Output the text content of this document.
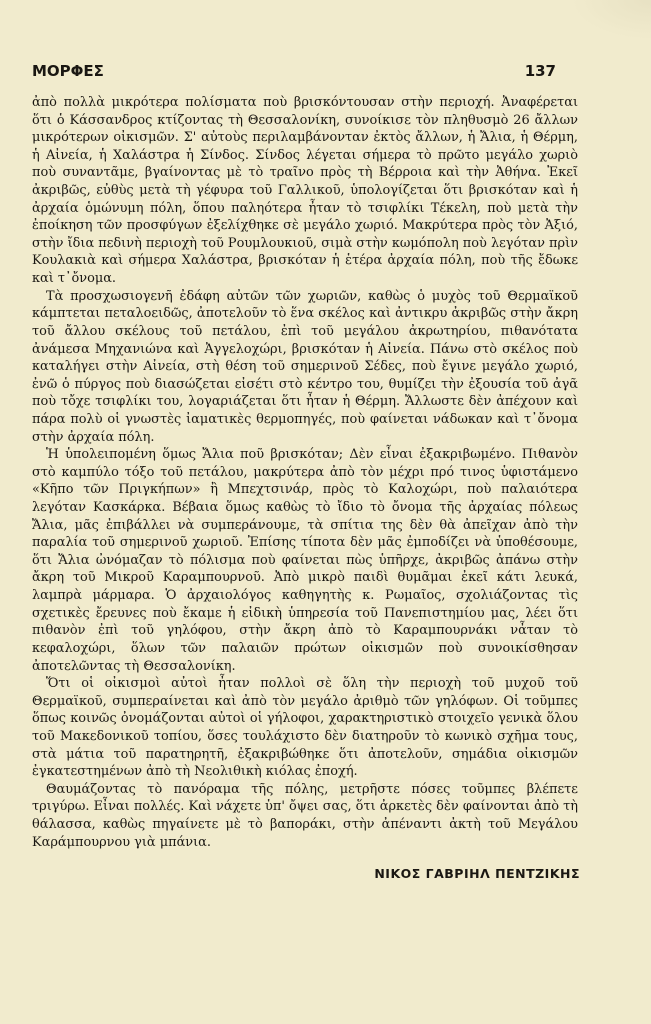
ΜΟΡΦΕΣ	137

ἀπὸ πολλὰ μικρότερα πολίσματα ποὺ βρισκόντουσαν στὴν περιοχή. Ἀναφέρεται ὅτι ὁ Κάσσανδρος κτίζοντας τὴ Θεσσαλονίκη, συνοίκισε τὸν πληθυσμὸ 26 ἄλλων μικρότερων οἰκισμῶν. Σ' αὐτοὺς περιλαμβάνονταν ἐκτὸς ἄλλων, ἡ Ἄλια, ἡ Θέρμη, ἡ Αἰνεία, ἡ Χαλάστρα ἡ Σίνδος. Σίνδος λέγεται σήμερα τὸ πρῶτο μεγάλο χωριὸ ποὺ συναντᾶμε, βγαίνοντας μὲ τὸ τραῖνο πρὸς τὴ Βέρροια καὶ τὴν Ἀθήνα. Ἐκεῖ ἀκριβῶς, εὐθὺς μετὰ τὴ γέφυρα τοῦ Γαλλικοῦ, ὑπολογίζεται ὅτι βρισκόταν καὶ ἡ ἀρχαία ὁμώνυμη πόλη, ὅπου παληότερα ἦταν τὸ τσιφλίκι Τέκελη, ποὺ μετὰ τὴν ἐποίκηση τῶν προσφύγων ἐξελίχθηκε σὲ μεγάλο χωριό. Μακρύτερα πρὸς τὸν Ἀξιό, στὴν ἴδια πεδινὴ περιοχὴ τοῦ Ρουμλουκιοῦ, σιμὰ στὴν κωμόπολη ποὺ λεγόταν πρὶν Κουλακιὰ καὶ σήμερα Χαλάστρα, βρισκόταν ἡ ἑτέρα ἀρχαία πόλη, ποὺ τῆς ἔδωκε καὶ τ᾽ὄνομα.

Τὰ προσχωσιογενῆ ἐδάφη αὐτῶν τῶν χωριῶν, καθὼς ὁ μυχὸς τοῦ Θερμαϊκοῦ κάμπτεται πεταλοειδῶς, ἀποτελοῦν τὸ ἕνα σκέλος καὶ ἀντικρυ ἀκριβῶς στὴν ἄκρη τοῦ ἄλλου σκέλους τοῦ πετάλου, ἐπὶ τοῦ μεγάλου ἀκρωτηρίου, πιθανότατα ἀνάμεσα Μηχανιώνα καὶ Ἀγγελοχώρι, βρισκόταν ἡ Αἰνεία. Πάνω στὸ σκέλος ποὺ καταλήγει στὴν Αἰνεία, στὴ θέση τοῦ σημερινοῦ Σέδες, ποὺ ἔγινε μεγάλο χωριό, ἐνῶ ὁ πύργος ποὺ διασώζεται εἰσέτι στὸ κέντρο του, θυμίζει τὴν ἐξουσία τοῦ ἀγᾶ ποὺ τὄχε τσιφλίκι του, λογαριάζεται ὅτι ἦταν ἡ Θέρμη. Ἄλλωστε δὲν ἀπέχουν καὶ πάρα πολὺ οἱ γνωστὲς ἰαματικὲς θερμοπηγές, ποὺ φαίνεται νάδωκαν καὶ τ᾽ὄνομα στὴν ἀρχαία πόλη.

Ἡ ὑπολειπομένη ὅμως Ἄλια ποῦ βρισκόταν; Δὲν εἶναι ἐξακριβωμένο. Πιθανὸν στὸ καμπύλο τόξο τοῦ πετάλου, μακρύτερα ἀπὸ τὸν μέχρι πρό τινος ὑφιστάμενο «Κῆπο τῶν Πριγκήπων» ἢ Μπεχτσινάρ, πρὸς τὸ Καλοχώρι, ποὺ παλαιότερα λεγόταν Κασκάρκα. Βέβαια ὅμως καθὼς τὸ ἴδιο τὸ ὄνομα τῆς ἀρχαίας πόλεως Ἄλια, μᾶς ἐπιβάλλει νὰ συμπεράνουμε, τὰ σπίτια της δὲν θὰ ἀπεῖχαν ἀπὸ τὴν παραλία τοῦ σημερινοῦ χωριοῦ. Ἐπίσης τίποτα δὲν μᾶς ἐμποδίζει νὰ ὑποθέσουμε, ὅτι Ἄλια ὠνόμαζαν τὸ πόλισμα ποὺ φαίνεται πὼς ὑπῆρχε, ἀκριβῶς ἀπάνω στὴν ἄκρη τοῦ Μικροῦ Καραμπουρνοῦ. Ἀπὸ μικρὸ παιδὶ θυμᾶμαι ἐκεῖ κάτι λευκά, λαμπρὰ μάρμαρα. Ὁ ἀρχαιολόγος καθηγητὴς κ. Ρωμαῖος, σχολιάζοντας τὶς σχετικὲς ἔρευνες ποὺ ἔκαμε ἡ εἰδικὴ ὑπηρεσία τοῦ Πανεπιστημίου μας, λέει ὅτι πιθανὸν ἐπὶ τοῦ γηλόφου, στὴν ἄκρη ἀπὸ τὸ Καραμπουρνάκι νἆταν τὸ κεφαλοχώρι, ὅλων τῶν παλαιῶν πρώτων οἰκισμῶν ποὺ συνοικίσθησαν ἀποτελῶντας τὴ Θεσσαλονίκη.

Ὅτι οἱ οἰκισμοὶ αὐτοὶ ἦταν πολλοὶ σὲ ὅλη τὴν περιοχὴ τοῦ μυχοῦ τοῦ Θερμαϊκοῦ, συμπεραίνεται καὶ ἀπὸ τὸν μεγάλο ἀριθμὸ τῶν γηλόφων. Οἱ τοῦμπες ὅπως κοινῶς ὀνομάζονται αὐτοὶ οἱ γήλοφοι, χαρακτηριστικὸ στοιχεῖο γενικὰ ὅλου τοῦ Μακεδονικοῦ τοπίου, ὅσες τουλάχιστο δὲν διατηροῦν τὸ κωνικὸ σχῆμα τους, στὰ μάτια τοῦ παρατηρητῆ, ἐξακριβώθηκε ὅτι ἀποτελοῦν, σημάδια οἰκισμῶν ἐγκατεστημένων ἀπὸ τὴ Νεολιθικὴ κιόλας ἐποχή.

Θαυμάζοντας τὸ πανόραμα τῆς πόλης, μετρῆστε πόσες τοῦμπες βλέπετε τριγύρω. Εἶναι πολλές. Καὶ νάχετε ὑπ' ὄψει σας, ὅτι ἀρκετὲς δὲν φαίνονται ἀπὸ τὴ θάλασσα, καθὼς πηγαίνετε μὲ τὸ βαποράκι, στὴν ἀπέναντι ἀκτὴ τοῦ Μεγάλου Καράμπουρνου γιὰ μπάνια.

ΝΙΚΟΣ ΓΑΒΡΙΗΛ ΠΕΝΤΖΙΚΗΣ
